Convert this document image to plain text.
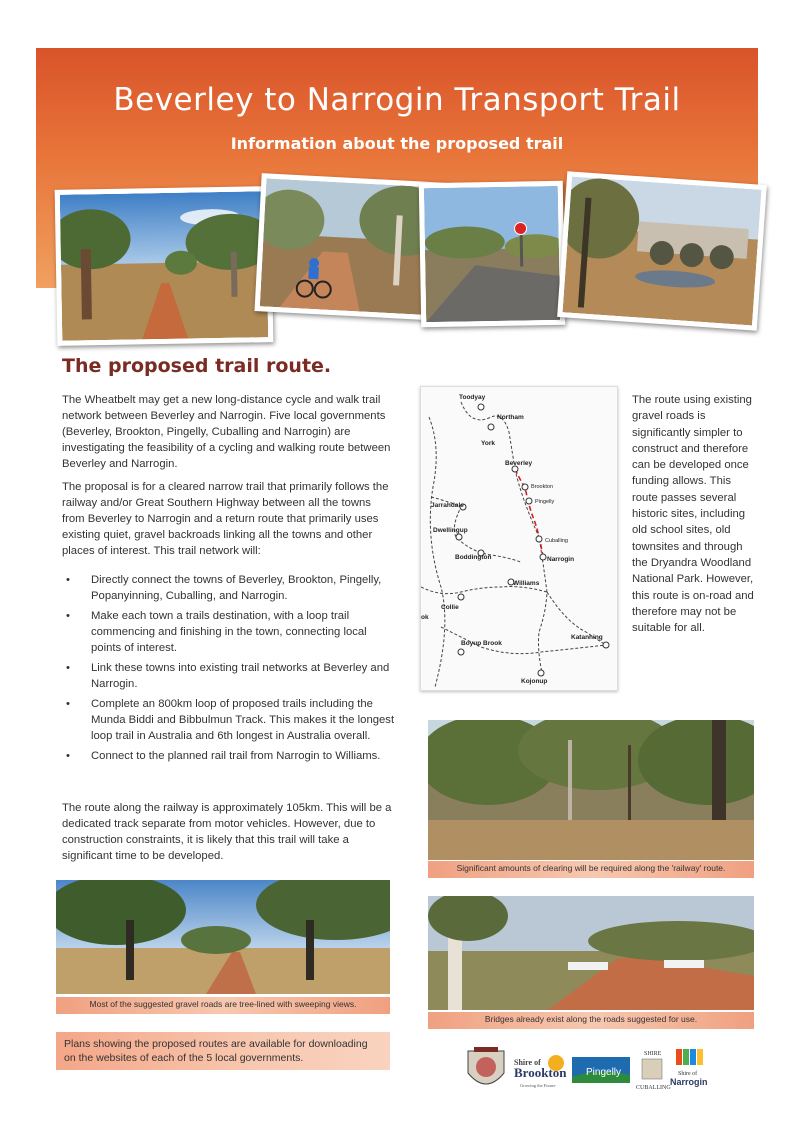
Beverley to Narrogin Transport Trail
Information about the proposed trail
The proposed trail route.

The Wheatbelt may get a new long-distance cycle and walk trail network between Beverley and Narrogin. Five local governments (Beverley, Brookton, Pingelly, Cuballing and Narrogin) are investigating the feasibility of a cycling and walking route between Beverley and Narrogin.

The proposal is for a cleared narrow trail that primarily follows the railway and/or Great Southern Highway between all the towns from Beverley to Narrogin and a return route that primarily uses existing quiet, gravel backroads linking all the towns and other places of interest. This trail network will:

• Directly connect the towns of Beverley, Brookton, Pingelly, Popanyinning, Cuballing, and Narrogin.
• Make each town a trails destination, with a loop trail commencing and finishing in the town, connecting local points of interest.
• Link these towns into existing trail networks at Beverley and Narrogin.
• Complete an 800km loop of proposed trails including the Munda Biddi and Bibbulmun Track. This makes it the longest loop trail in Australia and 6th longest in Australia overall.
• Connect to the planned rail trail from Narrogin to Williams.

The route along the railway is approximately 105km. This will be a dedicated track separate from motor vehicles. However, due to construction constraints, it is likely that this trail will take a significant time to be developed.

Toodyay
Northam
York
Beverley
Jarrahdale
Dwellingup
Boddington	Narrogin
Williams
Collie
Katanning
Boyup Brook
Kojonup
ok
Brookton
Pingelly
Cuballing
The route using existing gravel roads is significantly simpler to construct and therefore can be developed once funding allows. This route passes several historic sites, including old school sites, old townsites and through the Dryandra Woodland National Park. However, this route is on-road and therefore may not be suitable for all.
Significant amounts of clearing will be required along the 'railway' route.
Most of the suggested gravel roads are tree-lined with sweeping views.
Bridges already exist along the roads suggested for use.
Plans showing the proposed routes are available for downloading on the websites of each of the 5 local governments.	Shire of
Brookton
Growing the Future
Pingelly
SHIRE
CUBALLING
Shire of
Narrogin
